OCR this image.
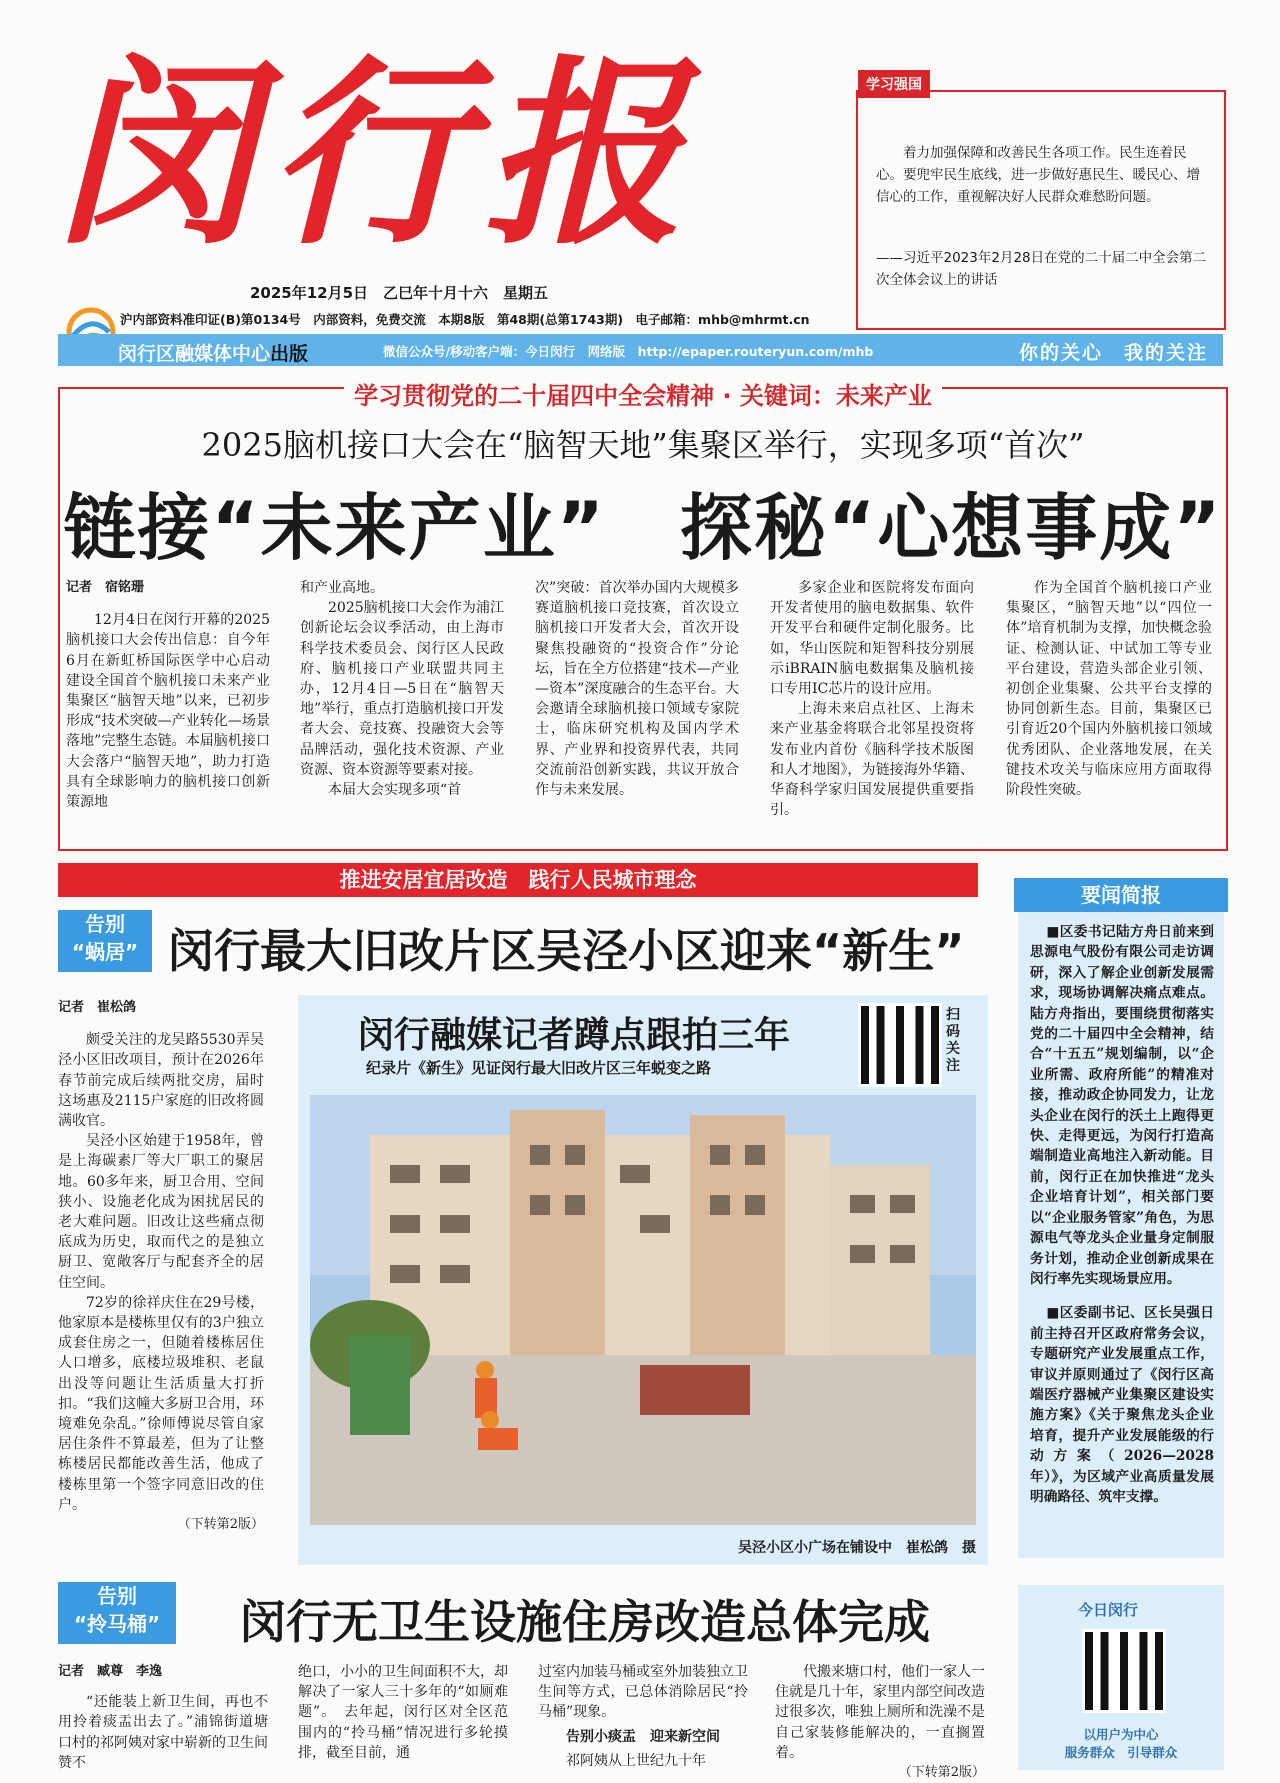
闵行报
2025年12月5日　乙巳年十月十六　星期五
沪内部资料准印证(B)第0134号　内部资料，免费交流　本期8版　第48期(总第1743期)　电子邮箱：mhb@mhrmt.cn
闵行区融媒体中心出版	微信公众号/移动客户端：今日闵行　网络版　http://epaper.routeryun.com/mhb	你的关心　我的关注
学习强国
着力加强保障和改善民生各项工作。民生连着民心。要兜牢民生底线，进一步做好惠民生、暖民心、增信心的工作，重视解决好人民群众难愁盼问题。
——习近平2023年2月28日在党的二十届二中全会第二次全体会议上的讲话
学习贯彻党的二十届四中全会精神 · 关键词：未来产业
2025脑机接口大会在“脑智天地”集聚区举行，实现多项“首次”
链接“未来产业”　探秘“心想事成”
记者　宿铭珊

12月4日在闵行开幕的2025脑机接口大会传出信息：自今年6月在新虹桥国际医学中心启动建设全国首个脑机接口未来产业集聚区“脑智天地”以来，已初步形成“技术突破—产业转化—场景落地”完整生态链。本届脑机接口大会落户“脑智天地”，助力打造具有全球影响力的脑机接口创新策源地

和产业高地。

2025脑机接口大会作为浦江创新论坛会议季活动，由上海市科学技术委员会、闵行区人民政府、脑机接口产业联盟共同主办，12月4日—5日在“脑智天地”举行，重点打造脑机接口开发者大会、竞技赛、投融资大会等品牌活动，强化技术资源、产业资源、资本资源等要素对接。

本届大会实现多项“首

次”突破：首次举办国内大规模多赛道脑机接口竞技赛，首次设立脑机接口开发者大会，首次开设聚焦投融资的“投资合作”分论坛，旨在全方位搭建“技术—产业—资本”深度融合的生态平台。大会邀请全球脑机接口领域专家院士，临床研究机构及国内学术界、产业界和投资界代表，共同交流前沿创新实践，共议开放合作与未来发展。

多家企业和医院将发布面向开发者使用的脑电数据集、软件开发平台和硬件定制化服务。比如，华山医院和矩智科技分别展示iBRAIN脑电数据集及脑机接口专用IC芯片的设计应用。

上海未来启点社区、上海未来产业基金将联合北邻星投资将发布业内首份《脑科学技术版图和人才地图》，为链接海外华籍、华裔科学家归国发展提供重要指引。

作为全国首个脑机接口产业集聚区，“脑智天地”以“四位一体”培育机制为支撑，加快概念验证、检测认证、中试加工等专业平台建设，营造头部企业引领、初创企业集聚、公共平台支撑的协同创新生态。目前，集聚区已引育近20个国内外脑机接口领域优秀团队、企业落地发展，在关键技术攻关与临床应用方面取得阶段性突破。

推进安居宜居改造　践行人民城市理念
告别
“蜗居” 闵行最大旧改片区吴泾小区迎来“新生”
记者　崔松鸽

颇受关注的龙吴路5530弄吴泾小区旧改项目，预计在2026年春节前完成后续两批交房，届时这场惠及2115户家庭的旧改将圆满收官。

吴泾小区始建于1958年，曾是上海碳素厂等大厂职工的聚居地。60多年来，厨卫合用、空间狭小、设施老化成为困扰居民的老大难问题。旧改让这些痛点彻底成为历史，取而代之的是独立厨卫、宽敞客厅与配套齐全的居住空间。

72岁的徐祥庆住在29号楼，他家原本是楼栋里仅有的3户独立成套住房之一，但随着楼栋居住人口增多，底楼垃圾堆积、老鼠出没等问题让生活质量大打折扣。“我们这幢大多厨卫合用，环境难免杂乱。”徐师傅说尽管自家居住条件不算最差，但为了让整栋楼居民都能改善生活，他成了楼栋里第一个签字同意旧改的住户。

（下转第2版）
闵行融媒记者蹲点跟拍三年
纪录片《新生》见证闵行最大旧改片区三年蜕变之路
扫码关注
吴泾小区小广场在铺设中　崔松鸽　摄
要闻简报

■区委书记陆方舟日前来到思源电气股份有限公司走访调研，深入了解企业创新发展需求，现场协调解决痛点难点。陆方舟指出，要围绕贯彻落实党的二十届四中全会精神，结合“十五五”规划编制，以“企业所需、政府所能”的精准对接，推动政企协同发力，让龙头企业在闵行的沃土上跑得更快、走得更远，为闵行打造高端制造业高地注入新动能。目前，闵行正在加快推进“龙头企业培育计划”，相关部门要以“企业服务管家”角色，为思源电气等龙头企业量身定制服务计划，推动企业创新成果在闵行率先实现场景应用。

■区委副书记、区长吴强日前主持召开区政府常务会议，专题研究产业发展重点工作，审议并原则通过了《闵行区高端医疗器械产业集聚区建设实施方案》《关于聚焦龙头企业培育，提升产业发展能级的行动方案（2026—2028年）》，为区域产业高质量发展明确路径、筑牢支撑。

告别
“拎马桶”	闵行无卫生设施住房改造总体完成
记者　臧尊　李逸

“还能装上新卫生间，再也不用拎着痰盂出去了。”浦锦街道塘口村的祁阿姨对家中崭新的卫生间赞不

绝口，小小的卫生间面积不大，却解决了一家人三十多年的“如厕难题”。　去年起，闵行区对全区范围内的“拎马桶”情况进行多轮摸排，截至目前，通
过室内加装马桶或室外加装独立卫生间等方式，已总体消除居民“拎马桶”现象。
告别小痰盂　迎来新空间

祁阿姨从上世纪九十年

代搬来塘口村，他们一家人一住就是几十年，家里内部空间改造过很多次，唯独上厕所和洗澡不是自己家装修能解决的，一直搁置着。

（下转第2版）
今日闵行
以用户为中心
服务群众　引导群众
